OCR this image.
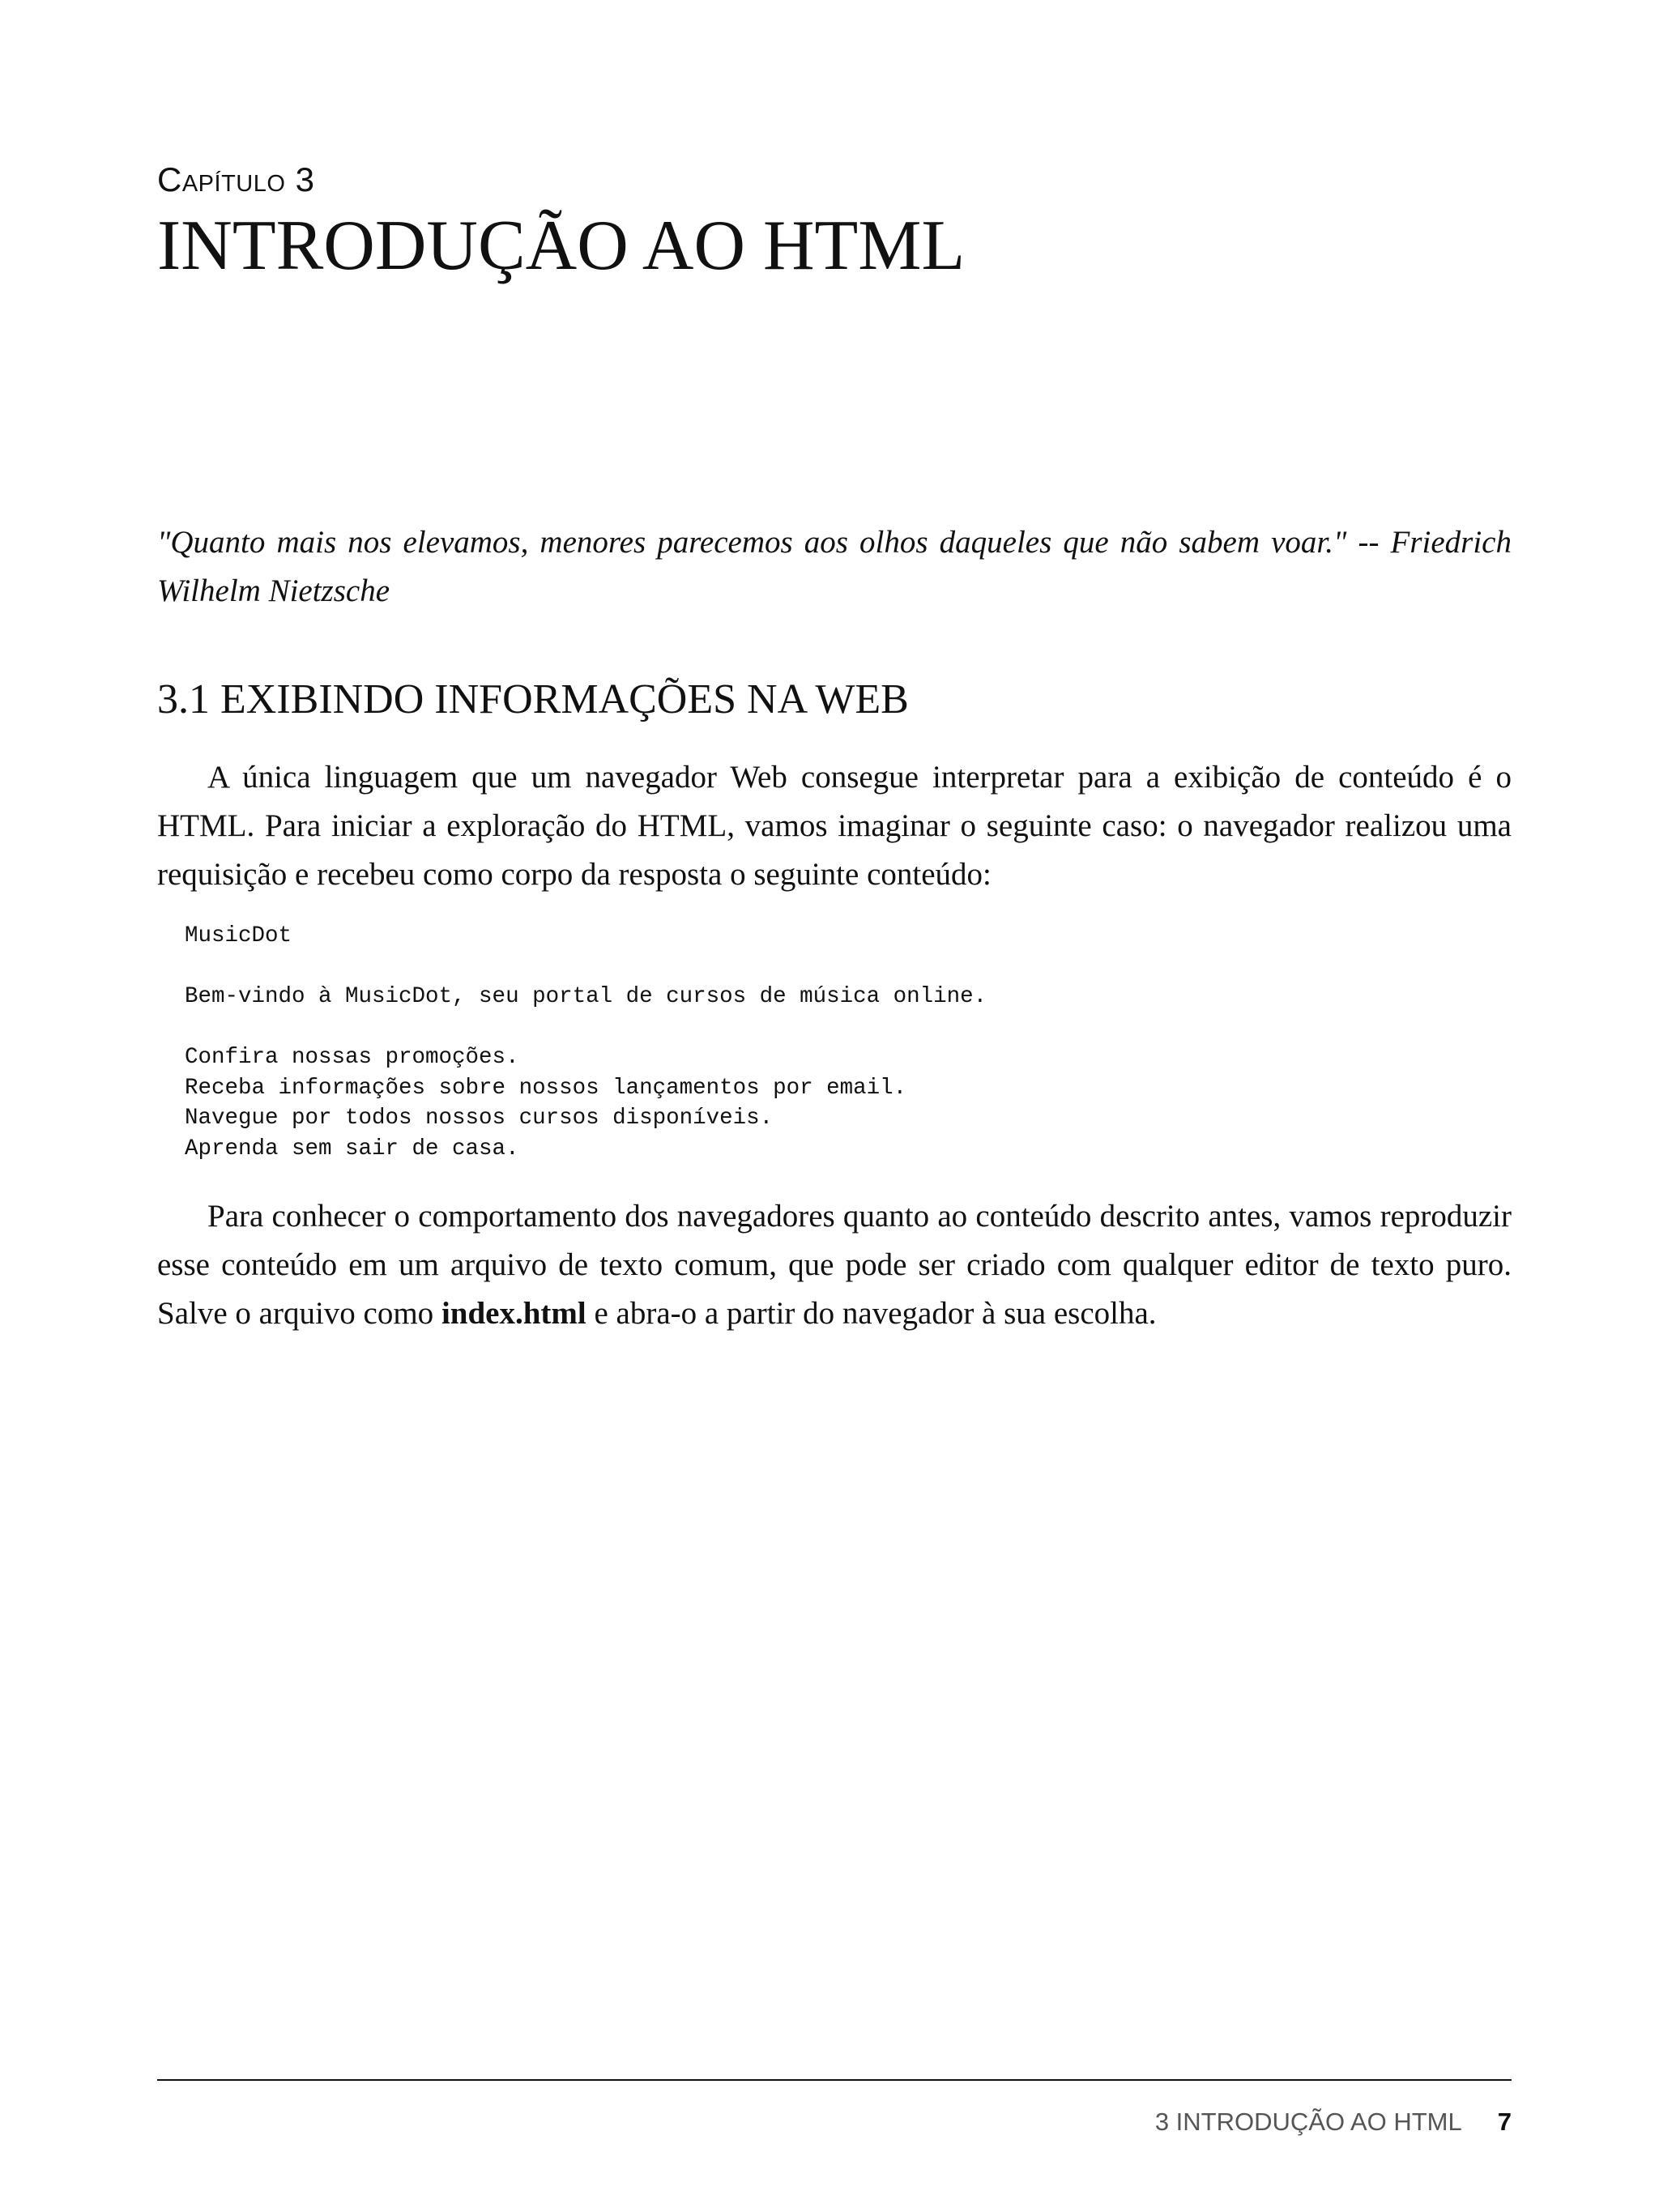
Capítulo 3
INTRODUÇÃO AO HTML
"Quanto mais nos elevamos, menores parecemos aos olhos daqueles que não sabem voar." -- Friedrich Wilhelm Nietzsche
3.1 EXIBINDO INFORMAÇÕES NA WEB

A única linguagem que um navegador Web consegue interpretar para a exibição de conteúdo é o HTML. Para iniciar a exploração do HTML, vamos imaginar o seguinte caso: o navegador realizou uma requisição e recebeu como corpo da resposta o seguinte conteúdo:

MusicDot
Bem-vindo à MusicDot, seu portal de cursos de música online.
Confira nossas promoções.
Receba informações sobre nossos lançamentos por email.
Navegue por todos nossos cursos disponíveis.
Aprenda sem sair de casa.

Para conhecer o comportamento dos navegadores quanto ao conteúdo descrito antes, vamos reproduzir esse conteúdo em um arquivo de texto comum, que pode ser criado com qualquer editor de texto puro. Salve o arquivo como index.html e abra-o a partir do navegador à sua escolha.

3 INTRODUÇÃO AO HTML 7
